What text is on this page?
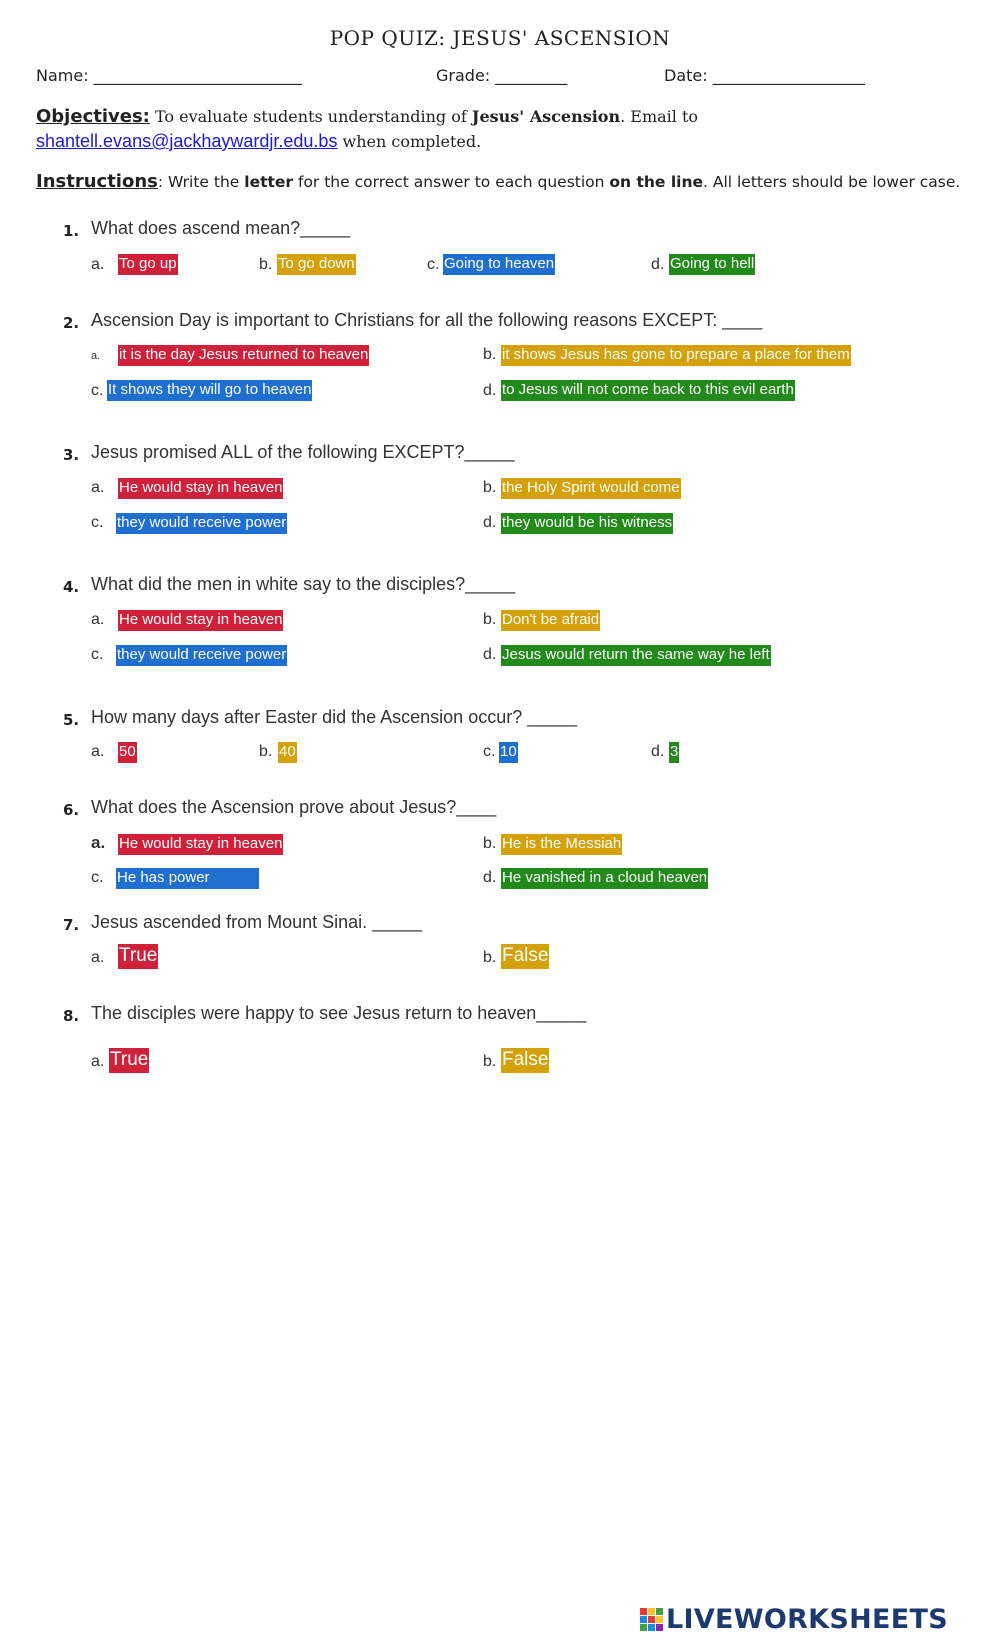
POP QUIZ: JESUS' ASCENSION
Name: __________________________	Grade: _________	Date: ___________________
Objectives: To evaluate students understanding of Jesus' Ascension. Email to
shantell.evans@jackhaywardjr.edu.bs when completed.
Instructions: Write the letter for the correct answer to each question on the line. All letters should be lower case.
1. What does ascend mean?_____
a. To go up	b. To go down	c. Going to heaven	d. Going to hell
2. Ascension Day is important to Christians for all the following reasons EXCEPT: ____
a. it is the day Jesus returned to heaven	b. it shows Jesus has gone to prepare a place for them
c. It shows they will go to heaven	d. to Jesus will not come back to this evil earth
3. Jesus promised ALL of the following EXCEPT?_____
a. He would stay in heaven	b. the Holy Spirit would come
c. they would receive power	d. they would be his witness
4. What did the men in white say to the disciples?_____
a. He would stay in heaven	b. Don't be afraid
c. they would receive power	d. Jesus would return the same way he left
5. How many days after Easter did the Ascension occur? _____
a. 50	b. 40	c. 10	d. 3
6. What does the Ascension prove about Jesus?____
a. He would stay in heaven	b. He is the Messiah
c. He has power	d. He vanished in a cloud heaven
7. Jesus ascended from Mount Sinai. _____
a. True	b. False
8. The disciples were happy to see Jesus return to heaven_____
a. True	b. False
LIVEWORKSHEETS
